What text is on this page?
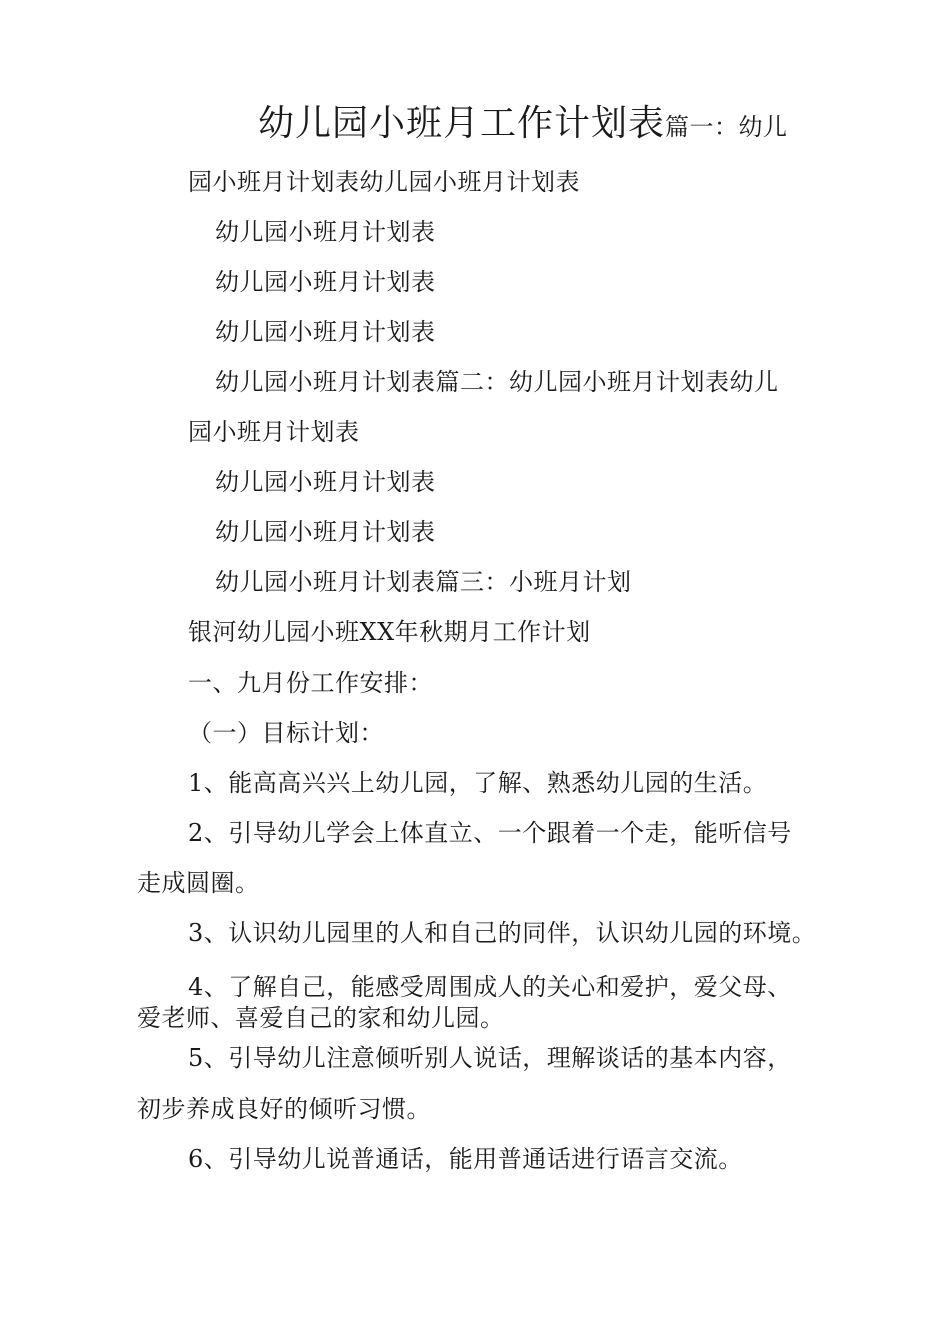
幼儿园小班月工作计划表篇一：幼儿
园小班月计划表幼儿园小班月计划表
幼儿园小班月计划表
幼儿园小班月计划表
幼儿园小班月计划表
幼儿园小班月计划表篇二：幼儿园小班月计划表幼儿
园小班月计划表
幼儿园小班月计划表
幼儿园小班月计划表
幼儿园小班月计划表篇三：小班月计划
银河幼儿园小班XX年秋期月工作计划
一、九月份工作安排：
（一）目标计划：
1、能高高兴兴上幼儿园，了解、熟悉幼儿园的生活。
2、引导幼儿学会上体直立、一个跟着一个走，能听信号
走成圆圈。
3、认识幼儿园里的人和自己的同伴，认识幼儿园的环境。
4、了解自己，能感受周围成人的关心和爱护，爱父母、
爱老师、喜爱自己的家和幼儿园。
5、引导幼儿注意倾听别人说话，理解谈话的基本内容，
初步养成良好的倾听习惯。
6、引导幼儿说普通话，能用普通话进行语言交流。
